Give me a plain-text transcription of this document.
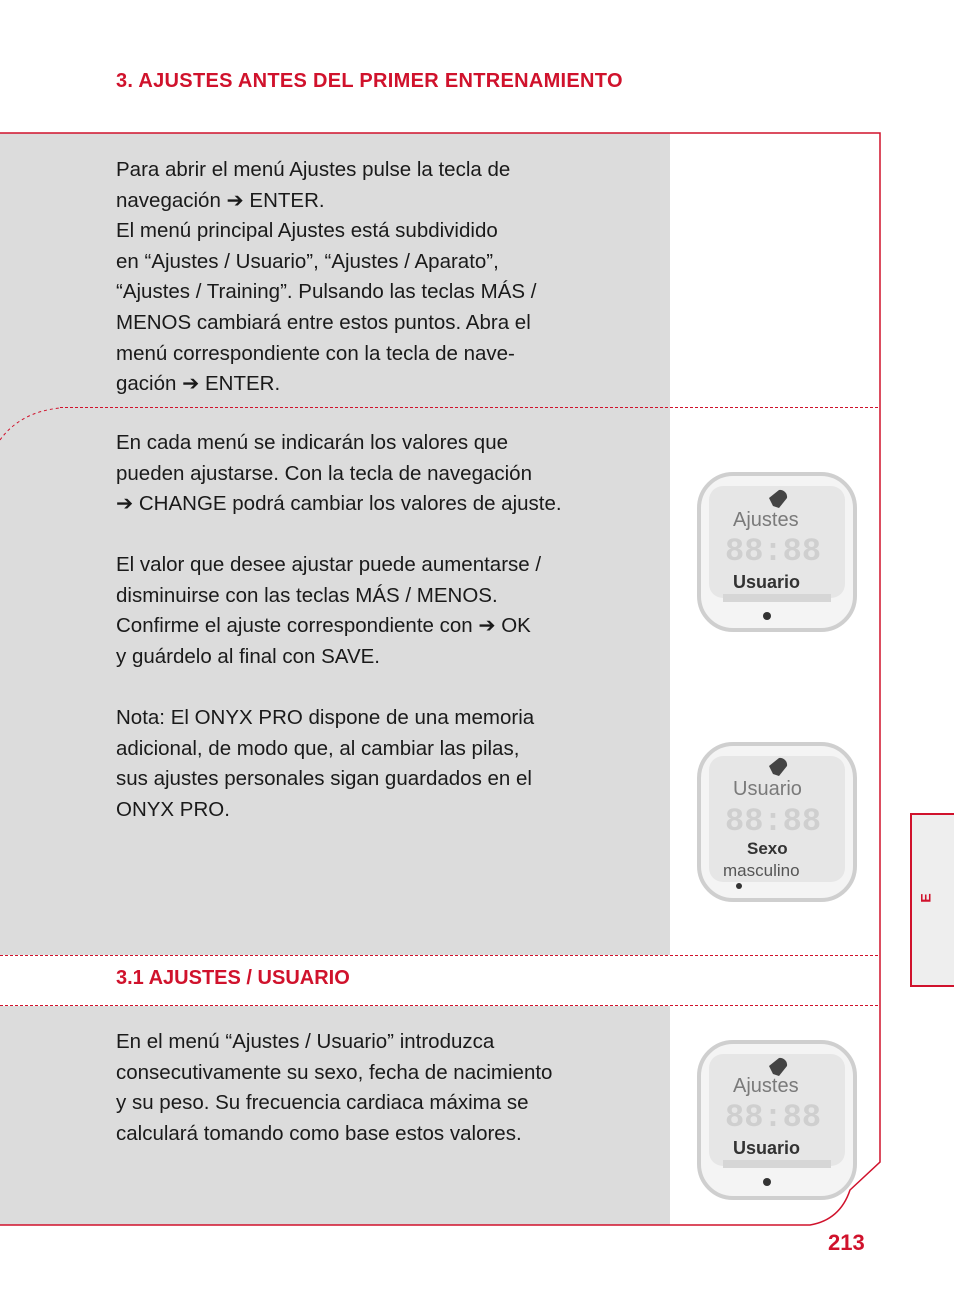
3. AJUSTES ANTES DEL PRIMER ENTRENAMIENTO

Para abrir el menú Ajustes pulse la tecla de

navegación ➔ ENTER.

El menú principal Ajustes está subdividido

en “Ajustes / Usuario”, “Ajustes / Aparato”,

“Ajustes / Training”. Pulsando las teclas MÁS /

MENOS cambiará entre estos puntos. Abra el

menú correspondiente con la tecla de nave-

gación ➔ ENTER.

En cada menú se indicarán los valores que

pueden ajustarse. Con la tecla de navegación

➔ CHANGE podrá cambiar los valores de ajuste.

El valor que desee ajustar puede aumentarse /

disminuirse con las teclas MÁS / MENOS.

Confirme el ajuste correspondiente con ➔ OK

y guárdelo al final con SAVE.

Nota: El ONYX PRO dispone de una memoria

adicional, de modo que, al cambiar las pilas,

sus ajustes personales sigan guardados en el

ONYX PRO.

3.1 AJUSTES / USUARIO

En el menú “Ajustes / Usuario” introduzca

consecutivamente su sexo, fecha de nacimiento

y su peso. Su frecuencia cardiaca máxima se

calculará tomando como base estos valores.

Ajustes
88:88
Usuario
Usuario
88:88
Sexo
masculino
Ajustes
88:88
Usuario
E
213
